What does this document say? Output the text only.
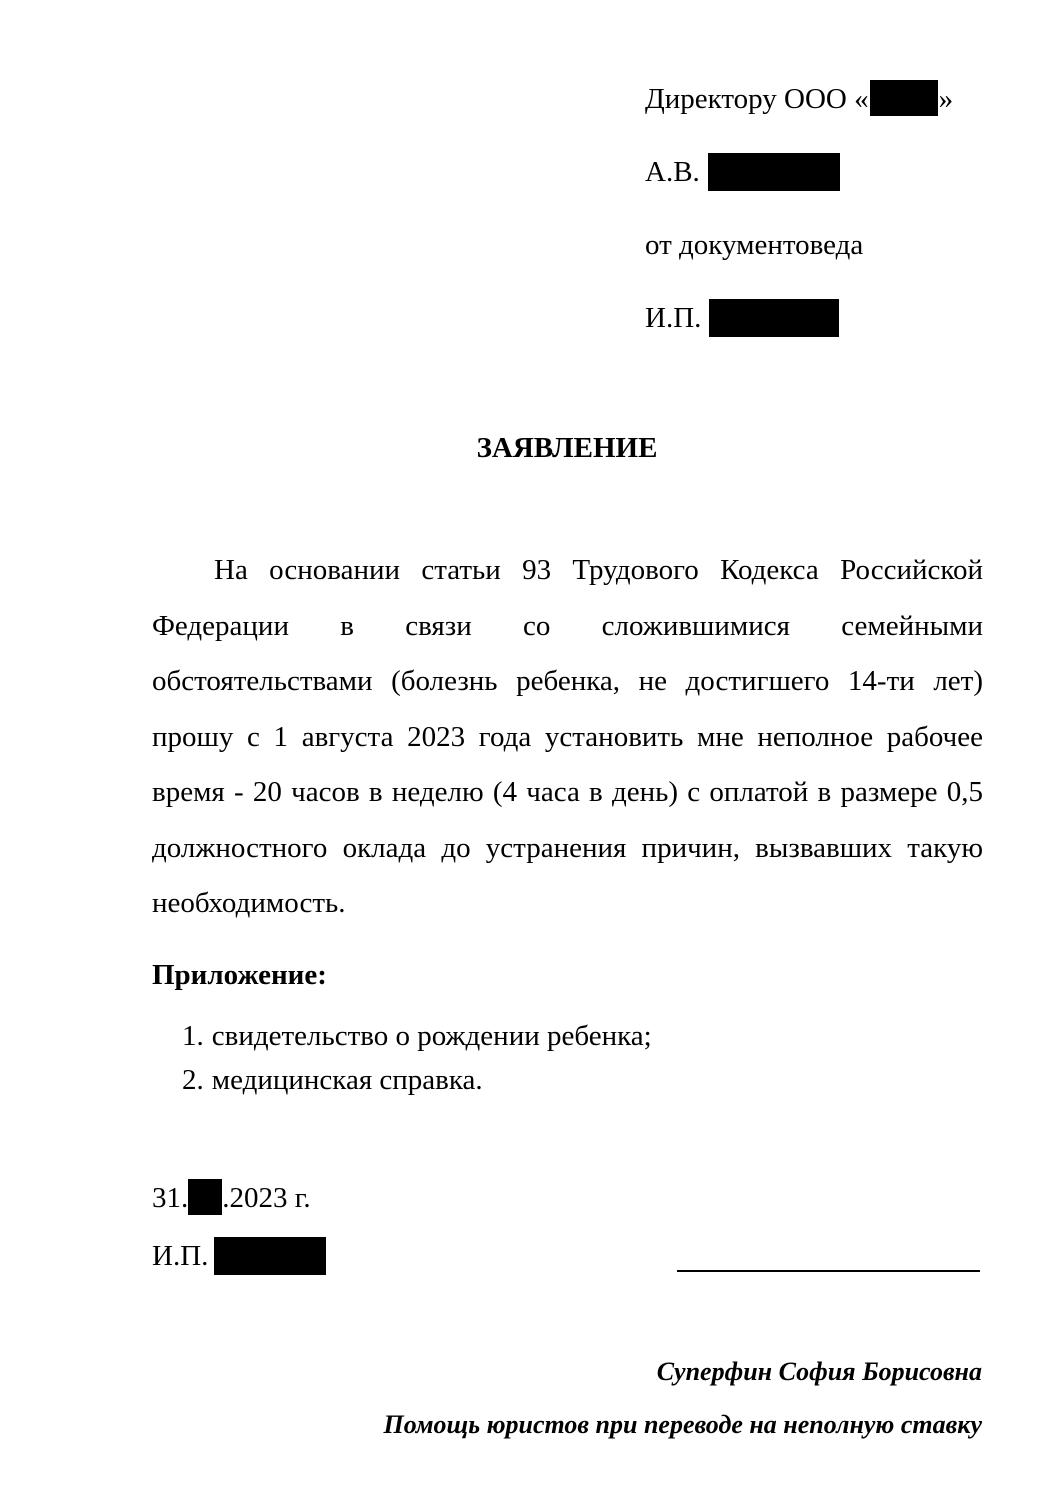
Директору ООО « »
А.В.
от документоведа
И.П.
ЗАЯВЛЕНИЕ

На основании статьи 93 Трудового Кодекса Российской Федерации в связи со сложившимися семейными обстоятельствами (болезнь ребенка, не достигшего 14-ти лет) прошу с 1 августа 2023 года установить мне неполное рабочее время - 20 часов в неделю (4 часа в день) с оплатой в размере 0,5 должностного оклада до устранения причин, вызвавших такую необходимость.

Приложение:
1. свидетельство о рождении ребенка;
2. медицинская справка.
31. .2023 г.
И.П.
Суперфин София Борисовна
Помощь юристов при переводе на неполную ставку
